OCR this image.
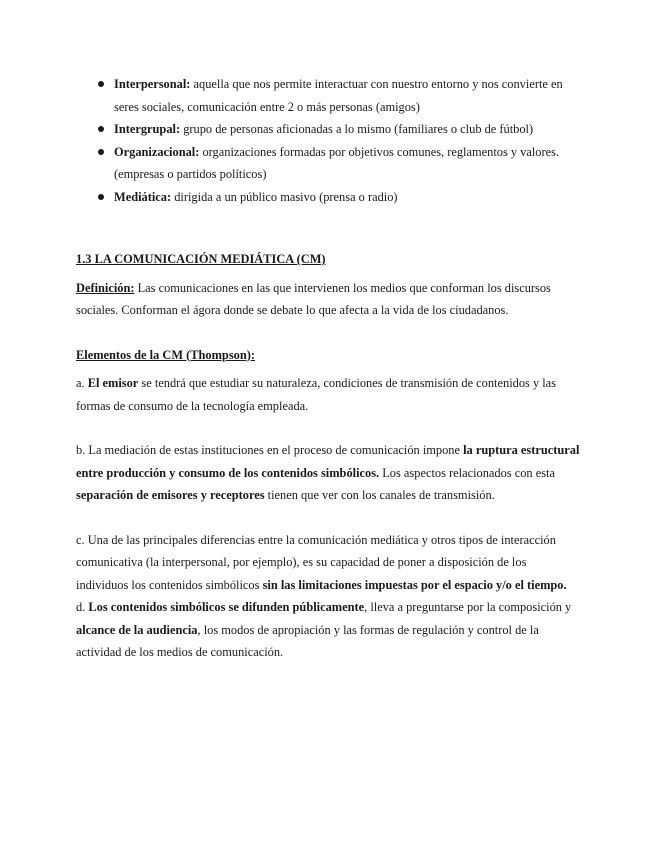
Interpersonal: aquella que nos permite interactuar con nuestro entorno y nos convierte en seres sociales, comunicación entre 2 o más personas (amigos)
Intergrupal: grupo de personas aficionadas a lo mismo (familiares o club de fútbol)
Organizacional: organizaciones formadas por objetivos comunes, reglamentos y valores. (empresas o partidos políticos)
Mediática: dirigida a un público masivo (prensa o radio)

1.3 LA COMUNICACIÓN MEDIÁTICA (CM)

Definición: Las comunicaciones en las que intervienen los medios que conforman los discursos sociales. Conforman el ágora donde se debate lo que afecta a la vida de los ciudadanos.

Elementos de la CM (Thompson):

a. El emisor se tendrá que estudiar su naturaleza, condiciones de transmisión de contenidos y las formas de consumo de la tecnología empleada.

b. La mediación de estas instituciones en el proceso de comunicación impone la ruptura estructural entre producción y consumo de los contenidos simbólicos. Los aspectos relacionados con esta separación de emisores y receptores tienen que ver con los canales de transmisión.

c. Una de las principales diferencias entre la comunicación mediática y otros tipos de interacción comunicativa (la interpersonal, por ejemplo), es su capacidad de poner a disposición de los individuos los contenidos simbólicos sin las limitaciones impuestas por el espacio y/o el tiempo.

d. Los contenidos simbólicos se difunden públicamente, lleva a preguntarse por la composición y alcance de la audiencia, los modos de apropiación y las formas de regulación y control de la actividad de los medios de comunicación.
